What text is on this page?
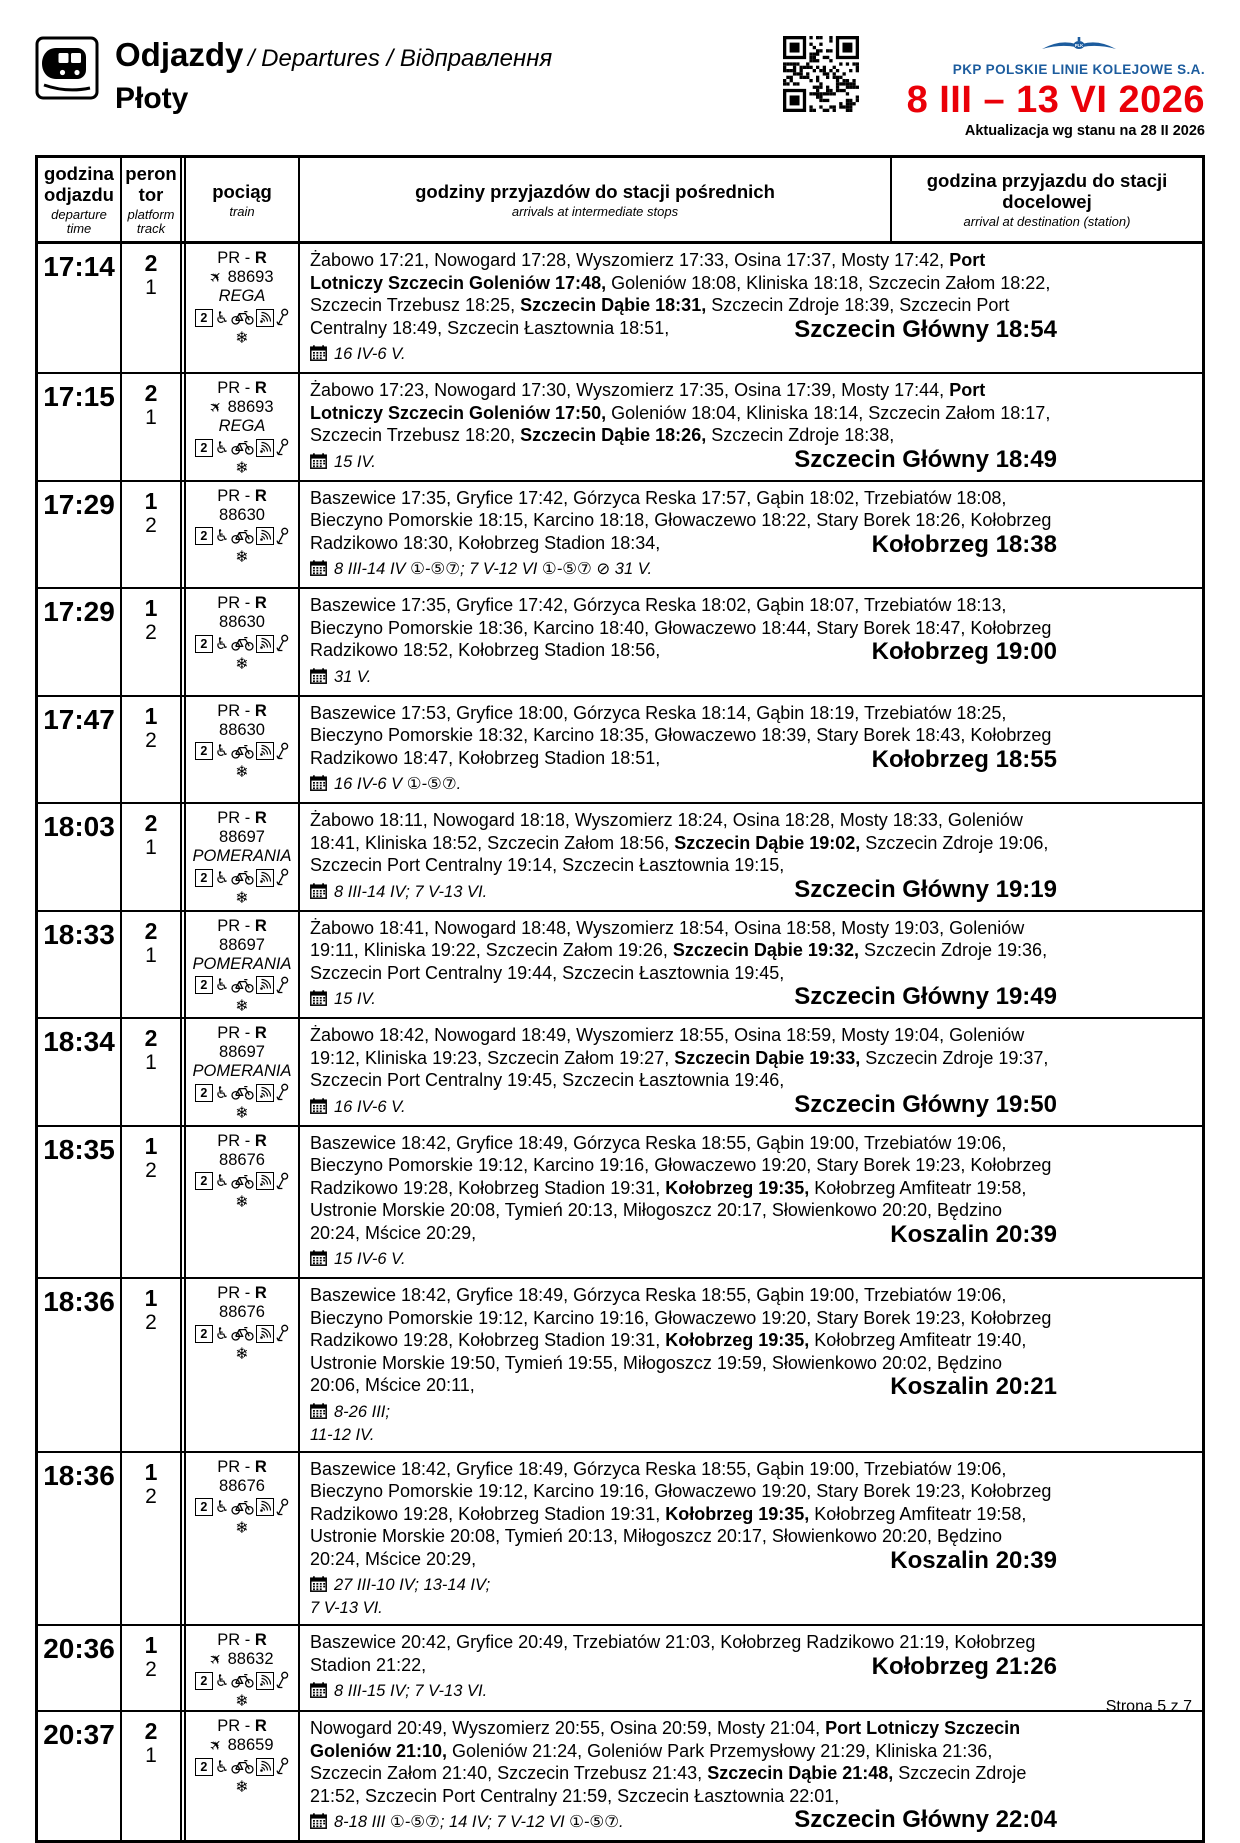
Odjazdy / Departures / Відправлення
Płoty
PLK
PKP POLSKIE LINIE KOLEJOWE S.A.
8 III – 13 VI 2026
Aktualizacja wg stanu na 28 II 2026
godzina odjazdu
departure time
peron tor
platform track
pociąg
train
godziny przyjazdów do stacji pośrednich
arrivals at intermediate stops
godzina przyjazdu do stacji docelowej
arrival at destination (station)
17:14	2
1
PR - R
✈ 88693
REGA
2 ♿
❄

Żabowo 17:21, Nowogard 17:28, Wyszomierz 17:33, Osina 17:37, Mosty 17:42, Port Lotniczy Szczecin Goleniów 17:48, Goleniów 18:08, Kliniska 18:18, Szczecin Załom 18:22, Szczecin Trzebusz 18:25, Szczecin Dąbie 18:31, Szczecin Zdroje 18:39, Szczecin Port Centralny 18:49, Szczecin Łasztownia 18:51,	Szczecin Główny 18:54

16 IV-6 V.
17:15	2
1
PR - R
✈ 88693
REGA
2 ♿
❄

Żabowo 17:23, Nowogard 17:30, Wyszomierz 17:35, Osina 17:39, Mosty 17:44, Port Lotniczy Szczecin Goleniów 17:50, Goleniów 18:04, Kliniska 18:14, Szczecin Załom 18:17, Szczecin Trzebusz 18:20, Szczecin Dąbie 18:26, Szczecin Zdroje 18:38,
Szczecin Główny 18:49

15 IV.
17:29	1
2
PR - R
88630
2 ♿
❄

Baszewice 17:35, Gryfice 17:42, Górzyca Reska 17:57, Gąbin 18:02, Trzebiatów 18:08, Bieczyno Pomorskie 18:15, Karcino 18:18, Głowaczewo 18:22, Stary Borek 18:26, Kołobrzeg Radzikowo 18:30, Kołobrzeg Stadion 18:34,	Kołobrzeg 18:38

8 III-14 IV ①-⑤⑦; 7 V-12 VI ①-⑤⑦ ⊘ 31 V.
17:29	1
2
PR - R
88630
2 ♿
❄

Baszewice 17:35, Gryfice 17:42, Górzyca Reska 18:02, Gąbin 18:07, Trzebiatów 18:13, Bieczyno Pomorskie 18:36, Karcino 18:40, Głowaczewo 18:44, Stary Borek 18:47, Kołobrzeg Radzikowo 18:52, Kołobrzeg Stadion 18:56,	Kołobrzeg 19:00

31 V.
17:47	1
2
PR - R
88630
2 ♿
❄

Baszewice 17:53, Gryfice 18:00, Górzyca Reska 18:14, Gąbin 18:19, Trzebiatów 18:25, Bieczyno Pomorskie 18:32, Karcino 18:35, Głowaczewo 18:39, Stary Borek 18:43, Kołobrzeg Radzikowo 18:47, Kołobrzeg Stadion 18:51,	Kołobrzeg 18:55

16 IV-6 V ①-⑤⑦.
18:03	2
1
PR - R
88697
POMERANIA
2 ♿
❄

Żabowo 18:11, Nowogard 18:18, Wyszomierz 18:24, Osina 18:28, Mosty 18:33, Goleniów 18:41, Kliniska 18:52, Szczecin Załom 18:56, Szczecin Dąbie 19:02, Szczecin Zdroje 19:06, Szczecin Port Centralny 19:14, Szczecin Łasztownia 19:15,
Szczecin Główny 19:19

8 III-14 IV; 7 V-13 VI.
18:33	2
1
PR - R
88697
POMERANIA
2 ♿
❄

Żabowo 18:41, Nowogard 18:48, Wyszomierz 18:54, Osina 18:58, Mosty 19:03, Goleniów 19:11, Kliniska 19:22, Szczecin Załom 19:26, Szczecin Dąbie 19:32, Szczecin Zdroje 19:36, Szczecin Port Centralny 19:44, Szczecin Łasztownia 19:45,
Szczecin Główny 19:49

15 IV.
18:34	2
1
PR - R
88697
POMERANIA
2 ♿
❄

Żabowo 18:42, Nowogard 18:49, Wyszomierz 18:55, Osina 18:59, Mosty 19:04, Goleniów 19:12, Kliniska 19:23, Szczecin Załom 19:27, Szczecin Dąbie 19:33, Szczecin Zdroje 19:37, Szczecin Port Centralny 19:45, Szczecin Łasztownia 19:46,
Szczecin Główny 19:50

16 IV-6 V.
18:35	1
2
PR - R
88676
2 ♿
❄

Baszewice 18:42, Gryfice 18:49, Górzyca Reska 18:55, Gąbin 19:00, Trzebiatów 19:06, Bieczyno Pomorskie 19:12, Karcino 19:16, Głowaczewo 19:20, Stary Borek 19:23, Kołobrzeg Radzikowo 19:28, Kołobrzeg Stadion 19:31, Kołobrzeg 19:35, Kołobrzeg Amfiteatr 19:58, Ustronie Morskie 20:08, Tymień 20:13, Miłogoszcz 20:17, Słowienkowo 20:20, Będzino 20:24, Mścice 20:29,	Koszalin 20:39

15 IV-6 V.
18:36	1
2
PR - R
88676
2 ♿
❄

Baszewice 18:42, Gryfice 18:49, Górzyca Reska 18:55, Gąbin 19:00, Trzebiatów 19:06, Bieczyno Pomorskie 19:12, Karcino 19:16, Głowaczewo 19:20, Stary Borek 19:23, Kołobrzeg Radzikowo 19:28, Kołobrzeg Stadion 19:31, Kołobrzeg 19:35, Kołobrzeg Amfiteatr 19:40, Ustronie Morskie 19:50, Tymień 19:55, Miłogoszcz 19:59, Słowienkowo 20:02, Będzino 20:06, Mścice 20:11,	Koszalin 20:21

8-26 III;
11-12 IV.
18:36	1
2
PR - R
88676
2 ♿
❄

Baszewice 18:42, Gryfice 18:49, Górzyca Reska 18:55, Gąbin 19:00, Trzebiatów 19:06, Bieczyno Pomorskie 19:12, Karcino 19:16, Głowaczewo 19:20, Stary Borek 19:23, Kołobrzeg Radzikowo 19:28, Kołobrzeg Stadion 19:31, Kołobrzeg 19:35, Kołobrzeg Amfiteatr 19:58, Ustronie Morskie 20:08, Tymień 20:13, Miłogoszcz 20:17, Słowienkowo 20:20, Będzino 20:24, Mścice 20:29,	Koszalin 20:39

27 III-10 IV; 13-14 IV;
7 V-13 VI.
20:36	1
2
PR - R
✈ 88632
2 ♿
❄

Baszewice 20:42, Gryfice 20:49, Trzebiatów 21:03, Kołobrzeg Radzikowo 21:19, Kołobrzeg Stadion 21:22,	Kołobrzeg 21:26

8 III-15 IV; 7 V-13 VI.
20:37	2
1
PR - R
✈ 88659
2 ♿
❄

Nowogard 20:49, Wyszomierz 20:55, Osina 20:59, Mosty 21:04, Port Lotniczy Szczecin Goleniów 21:10, Goleniów 21:24, Goleniów Park Przemysłowy 21:29, Kliniska 21:36, Szczecin Załom 21:40, Szczecin Trzebusz 21:43, Szczecin Dąbie 21:48, Szczecin Zdroje 21:52, Szczecin Port Centralny 21:59, Szczecin Łasztownia 22:01,
Szczecin Główny 22:04

8-18 III ①-⑤⑦; 14 IV; 7 V-12 VI ①-⑤⑦.
Strona 5 z 7
